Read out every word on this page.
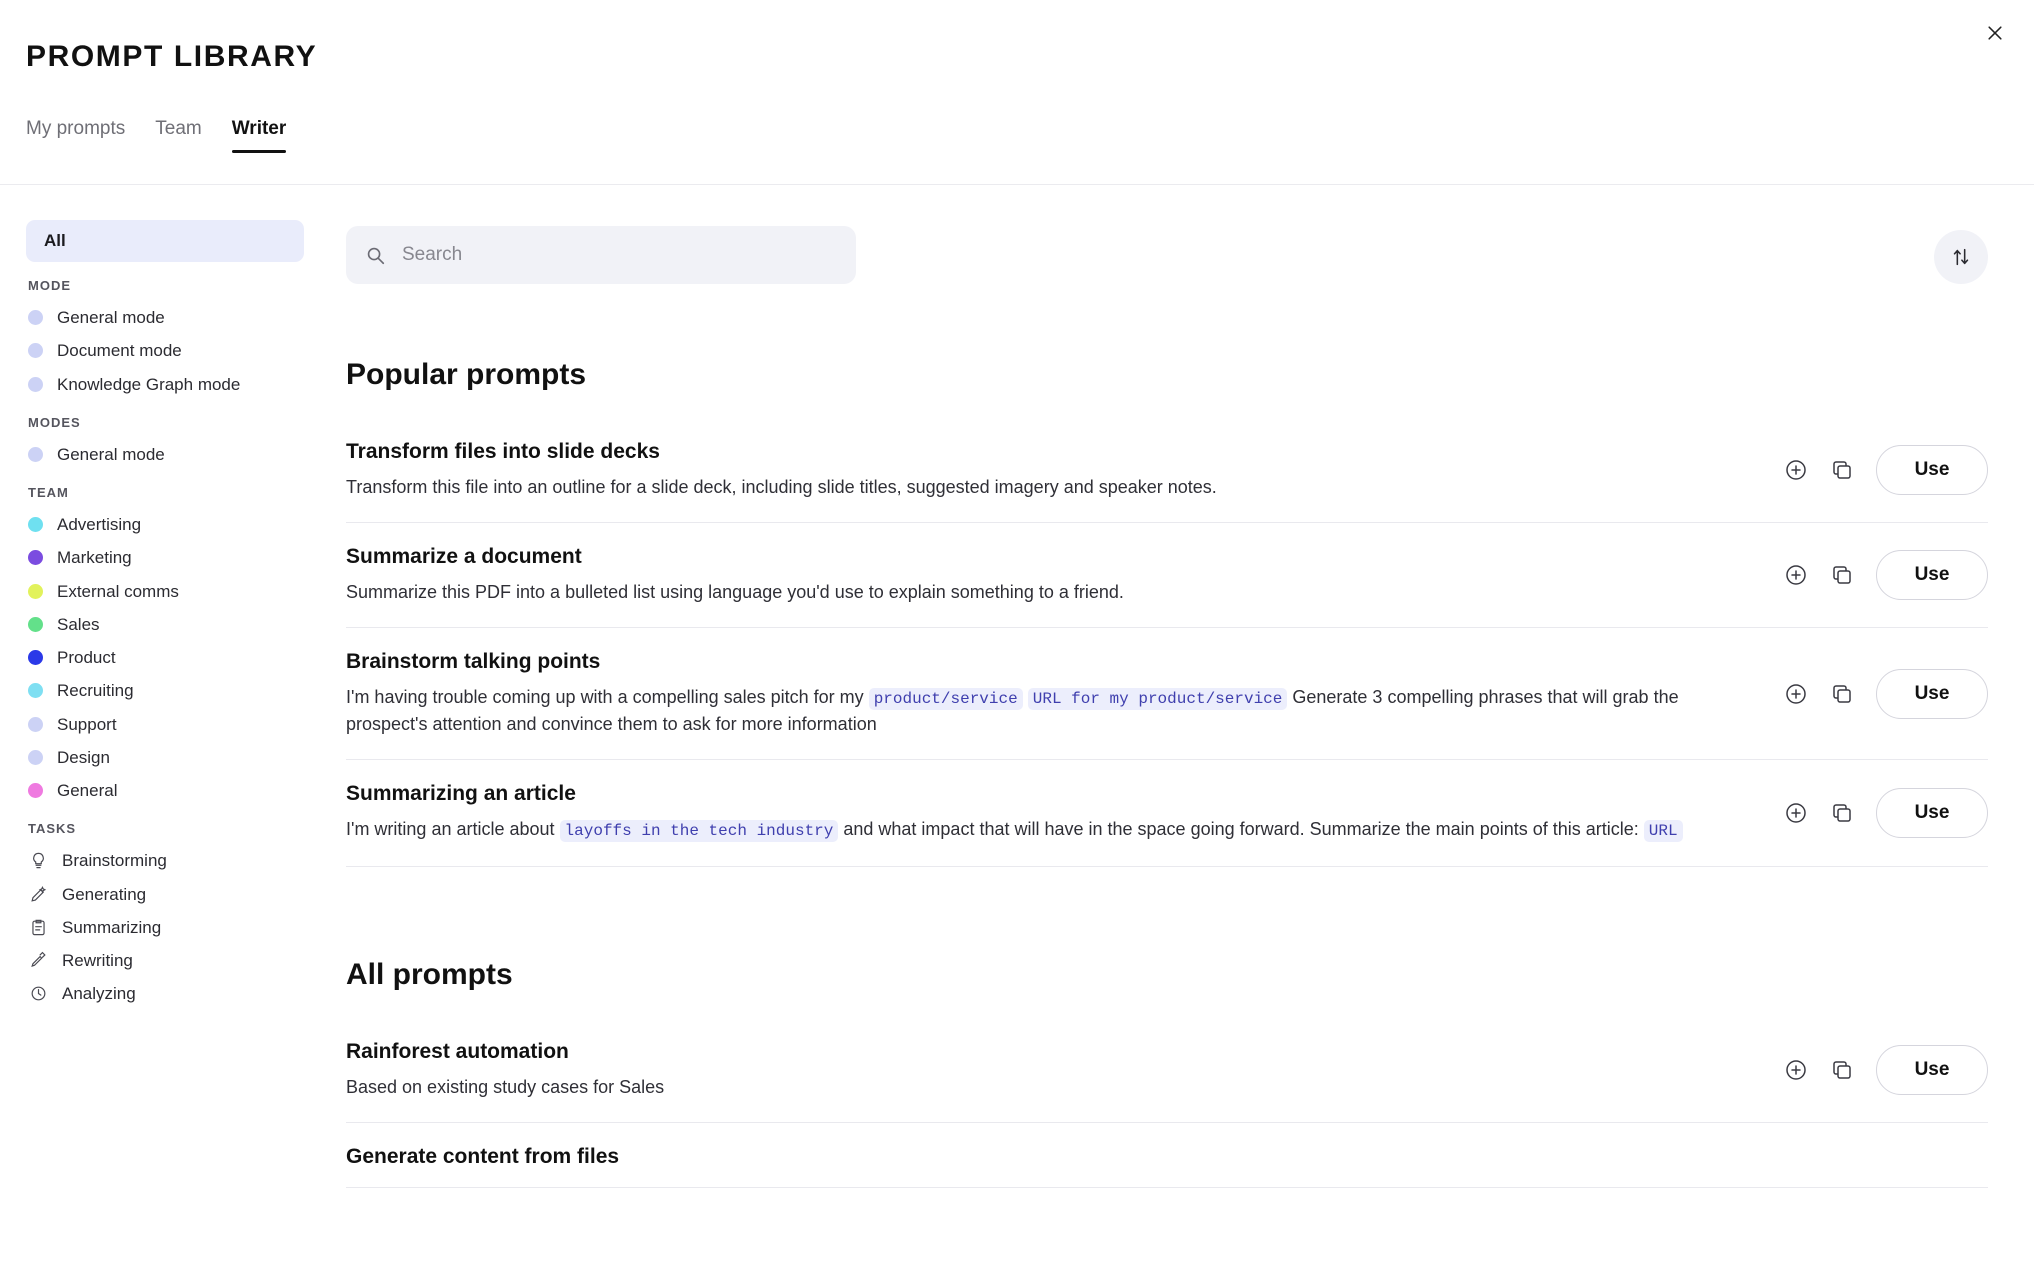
PROMPT LIBRARY
My prompts Team Writer
All
MODE
General mode
Document mode
Knowledge Graph mode
MODES
General mode
TEAM
Advertising
Marketing
External comms
Sales
Product
Recruiting
Support
Design
General
TASKS
Brainstorming
Generating
Summarizing
Rewriting
Analyzing
Search
Popular prompts
Transform files into slide decks
Transform this file into an outline for a slide deck, including slide titles, suggested imagery and speaker notes.
Use
Summarize a document
Summarize this PDF into a bulleted list using language you'd use to explain something to a friend.
Use
Brainstorm talking points
I'm having trouble coming up with a compelling sales pitch for my product/service URL for my product/service Generate 3 compelling phrases that will grab the prospect's attention and convince them to ask for more information
Use
Summarizing an article
I'm writing an article about layoffs in the tech industry and what impact that will have in the space going forward. Summarize the main points of this article: URL
Use
All prompts
Rainforest automation
Based on existing study cases for Sales
Use
Generate content from files
